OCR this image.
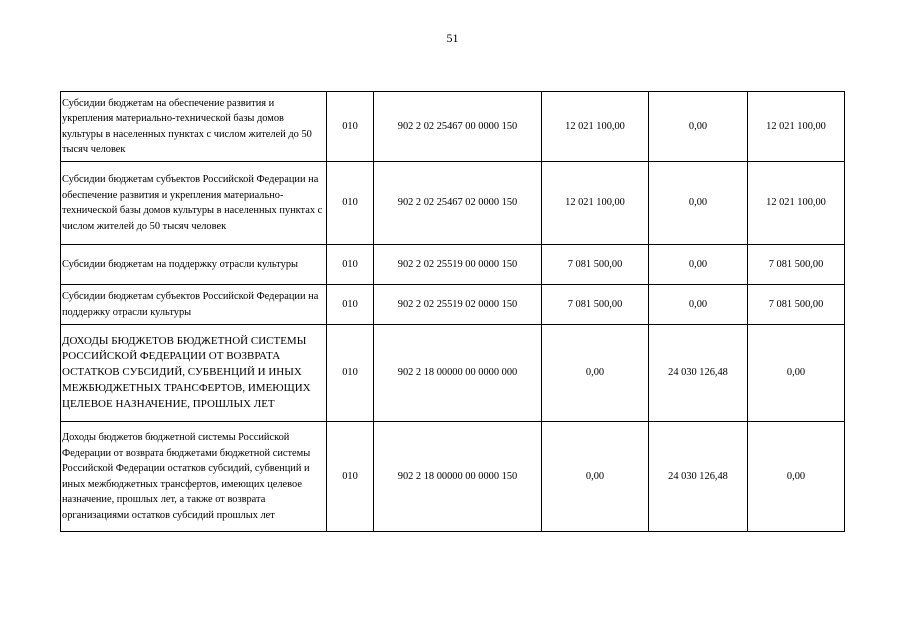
51
Субсидии бюджетам на обеспечение развития и укрепления материально-технической базы домов культуры в населенных пунктах с числом жителей до 50 тысяч человек	010	902 2 02 25467 00 0000 150	12 021 100,00	0,00	12 021 100,00
Субсидии бюджетам субъектов Российской Федерации на обеспечение развития и укрепления материально-технической базы домов культуры в населенных пунктах с числом жителей до 50 тысяч человек	010	902 2 02 25467 02 0000 150	12 021 100,00	0,00	12 021 100,00
Субсидии бюджетам на поддержку отрасли культуры	010	902 2 02 25519 00 0000 150	7 081 500,00	0,00	7 081 500,00
Субсидии бюджетам субъектов Российской Федерации на поддержку отрасли культуры	010	902 2 02 25519 02 0000 150	7 081 500,00	0,00	7 081 500,00
ДОХОДЫ БЮДЖЕТОВ БЮДЖЕТНОЙ СИСТЕМЫ РОССИЙСКОЙ ФЕДЕРАЦИИ ОТ ВОЗВРАТА ОСТАТКОВ СУБСИДИЙ, СУБВЕНЦИЙ И ИНЫХ МЕЖБЮДЖЕТНЫХ ТРАНСФЕРТОВ, ИМЕЮЩИХ ЦЕЛЕВОЕ НАЗНАЧЕНИЕ, ПРОШЛЫХ ЛЕТ	010	902 2 18 00000 00 0000 000	0,00	24 030 126,48	0,00
Доходы бюджетов бюджетной системы Российской Федерации от возврата бюджетами бюджетной системы Российской Федерации остатков субсидий, субвенций и иных межбюджетных трансфертов, имеющих целевое назначение, прошлых лет, а также от возврата организациями остатков субсидий прошлых лет	010	902 2 18 00000 00 0000 150	0,00	24 030 126,48	0,00
